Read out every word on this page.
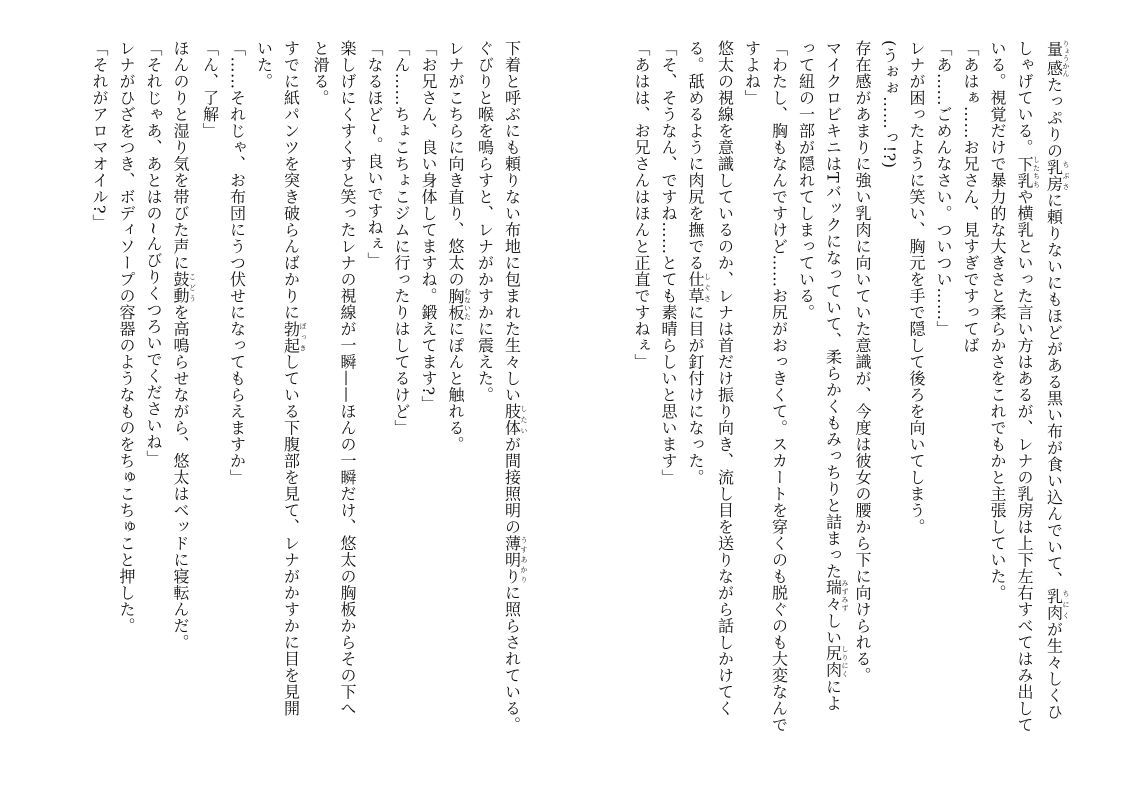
量感りょうかんたっぷりの乳房ちぶさに頼りないにもほどがある黒い布が食い込んでいて、乳肉ちにくが生々しくひ

しゃげている。下乳したちちや横乳といった言い方はあるが、レナの乳房は上下左右すべてはみ出して

いる。視覚だけで暴力的な大きさと柔らかさをこれでもかと主張していた。

「あはぁ……お兄さん、見すぎですってば

「あ……ごめんなさい。ついつい……」

レナが困ったように笑い、胸元を手で隠して後ろを向いてしまう。

(うぉぉ……っ!?)

存在感があまりに強い乳肉に向いていた意識が、今度は彼女の腰から下に向けられる。

マイクロビキニはTバックになっていて、柔らかくもみっちりと詰まった瑞々みずみずしい尻肉しりにくによ

って紐の一部が隠れてしまっている。

「わたし、胸もなんですけど……お尻がおっきくて。スカートを穿くのも脱ぐのも大変なんで

すよね」

悠太の視線を意識しているのか、レナは首だけ振り向き、流し目を送りながら話しかけてく

る。舐めるように肉尻を撫でる仕草しぐさに目が釘付けになった。

「そ、そうなん、ですね……とても素晴らしいと思います」

「あはは、お兄さんはほんと正直ですねぇ」

下着と呼ぶにも頼りない布地に包まれた生々しい肢体したいが間接照明の薄明りうすあかりに照らされている。

ぐびりと喉を鳴らすと、レナがかすかに震えた。

レナがこちらに向き直り、悠太の胸板むないたにぽんと触れる。

「お兄さん、良い身体してますね。鍛えてます?」

「ん……ちょこちょこジムに行ったりはしてるけど」

「なるほど~。良いですねぇ」

楽しげにくすくすと笑ったレナの視線が一瞬——ほんの一瞬だけ、悠太の胸板からその下へ

と滑る。

すでに紙パンツを突き破らんばかりに勃起ぼっきしている下腹部を見て、レナがかすかに目を見開

いた。

「……それじゃ、お布団にうつ伏せになってもらえますか」

「ん、了解」

ほんのりと湿り気を帯びた声に鼓動こどうを高鳴らせながら、悠太はベッドに寝転んだ。

「それじゃあ、あとはの~んびりくつろいでくださいね」

レナがひざをつき、ボディソープの容器のようなものをちゅこちゅこと押した。

「それがアロマオイル?」
